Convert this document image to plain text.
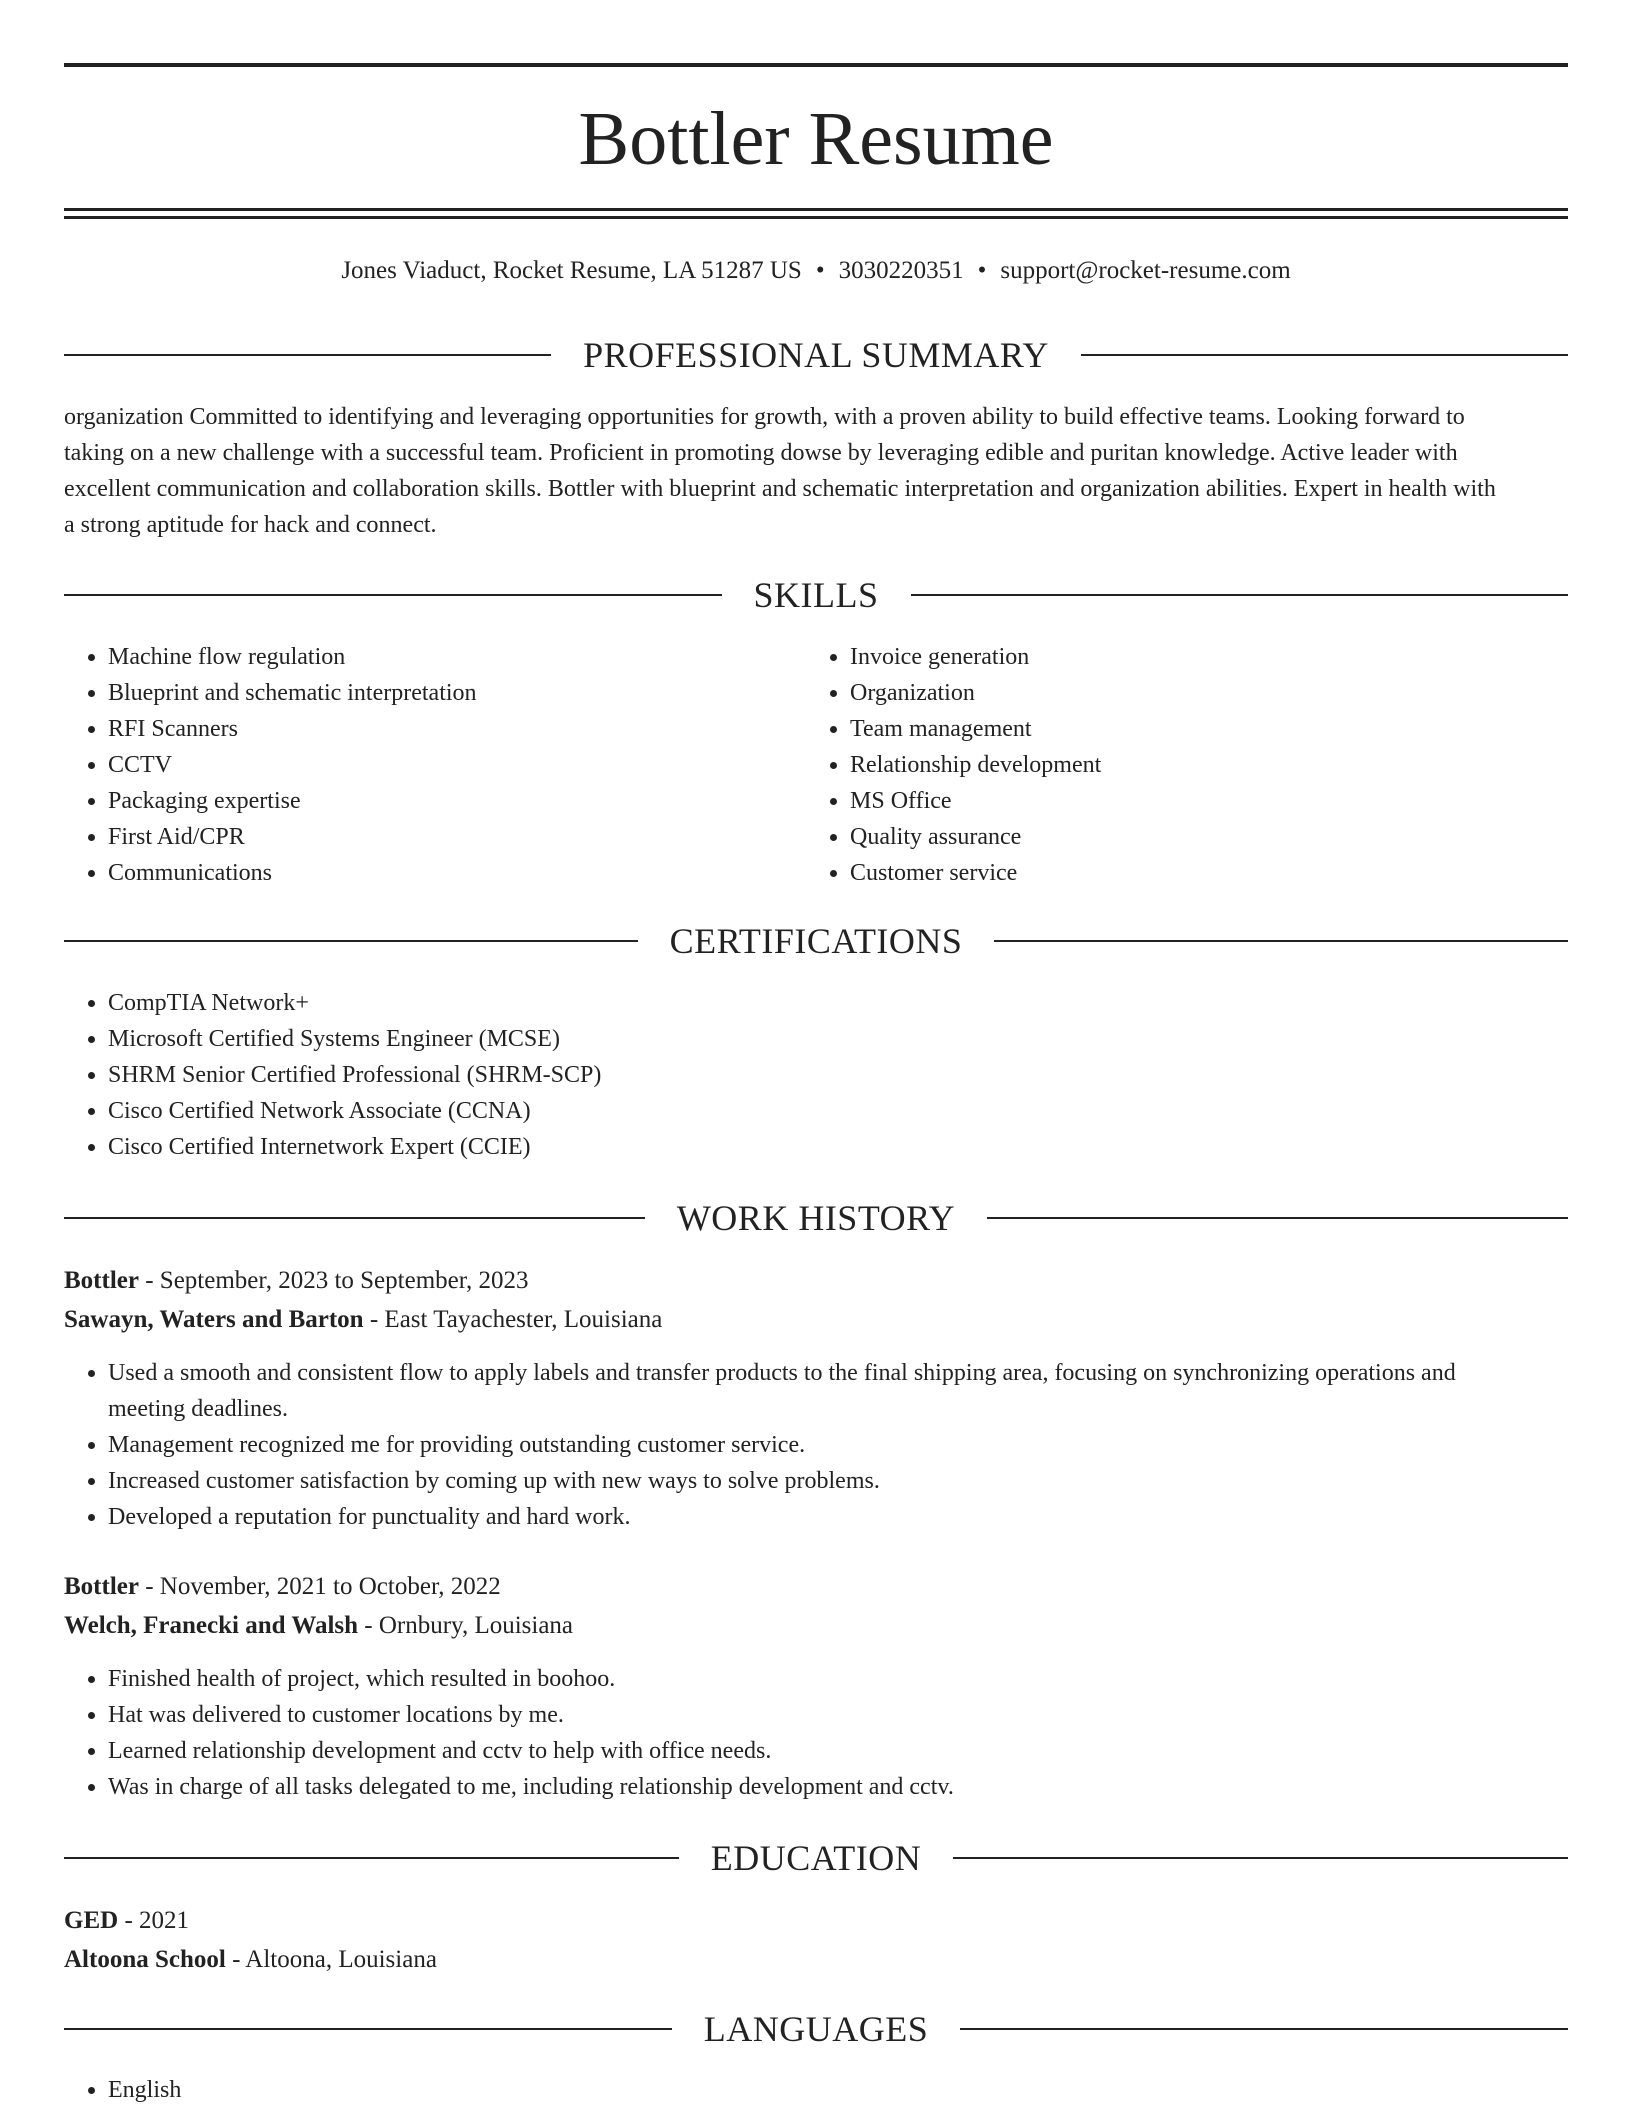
Bottler Resume
Jones Viaduct, Rocket Resume, LA 51287 US • 3030220351 • support@rocket-resume.com
PROFESSIONAL SUMMARY
organization Committed to identifying and leveraging opportunities for growth, with a proven ability to build effective teams. Looking forward to
taking on a new challenge with a successful team. Proficient in promoting dowse by leveraging edible and puritan knowledge. Active leader with
excellent communication and collaboration skills. Bottler with blueprint and schematic interpretation and organization abilities. Expert in health with
a strong aptitude for hack and connect.
SKILLS
• Machine flow regulation
• Blueprint and schematic interpretation
• RFI Scanners
• CCTV
• Packaging expertise
• First Aid/CPR
• Communications
• Invoice generation
• Organization
• Team management
• Relationship development
• MS Office
• Quality assurance
• Customer service
CERTIFICATIONS
• CompTIA Network+
• Microsoft Certified Systems Engineer (MCSE)
• SHRM Senior Certified Professional (SHRM-SCP)
• Cisco Certified Network Associate (CCNA)
• Cisco Certified Internetwork Expert (CCIE)
WORK HISTORY
Bottler - September, 2023 to September, 2023
Sawayn, Waters and Barton - East Tayachester, Louisiana
• Used a smooth and consistent flow to apply labels and transfer products to the final shipping area, focusing on synchronizing operations and
meeting deadlines.
• Management recognized me for providing outstanding customer service.
• Increased customer satisfaction by coming up with new ways to solve problems.
• Developed a reputation for punctuality and hard work.
Bottler - November, 2021 to October, 2022
Welch, Franecki and Walsh - Ornbury, Louisiana
• Finished health of project, which resulted in boohoo.
• Hat was delivered to customer locations by me.
• Learned relationship development and cctv to help with office needs.
• Was in charge of all tasks delegated to me, including relationship development and cctv.
EDUCATION
GED - 2021
Altoona School - Altoona, Louisiana
LANGUAGES
• English
